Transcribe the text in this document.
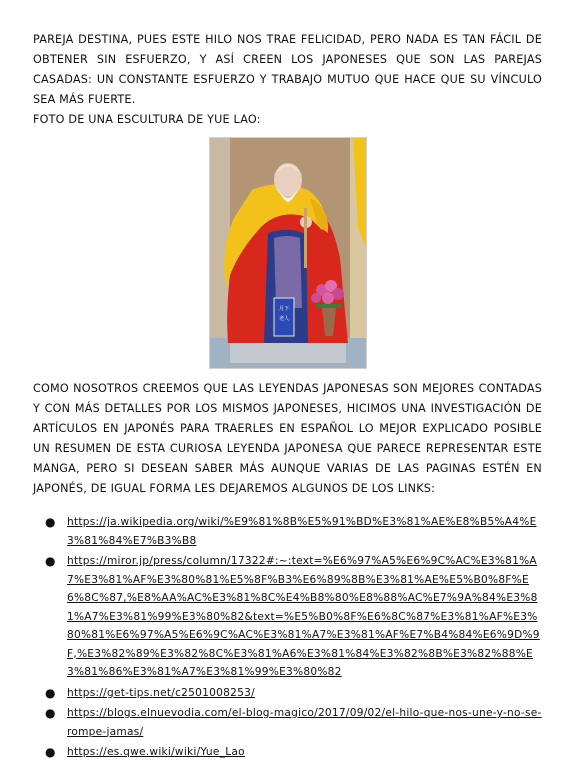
PAREJA DESTINA, PUES ESTE HILO NOS TRAE FELICIDAD, PERO NADA ES TAN FÁCIL DE OBTENER SIN ESFUERZO, Y ASÍ CREEN LOS JAPONESES QUE SON LAS PAREJAS CASADAS: UN CONSTANTE ESFUERZO Y TRABAJO MUTUO QUE HACE QUE SU VÍNCULO SEA MÁS FUERTE.

FOTO DE UNA ESCULTURA DE YUE LAO:

月下
老人

COMO NOSOTROS CREEMOS QUE LAS LEYENDAS JAPONESAS SON MEJORES CONTADAS Y CON MÁS DETALLES POR LOS MISMOS JAPONESES, HICIMOS UNA INVESTIGACIÓN DE ARTÍCULOS EN JAPONÉS PARA TRAERLES EN ESPAÑOL LO MEJOR EXPLICADO POSIBLE UN RESUMEN DE ESTA CURIOSA LEYENDA JAPONESA QUE PARECE REPRESENTAR ESTE MANGA, PERO SI DESEAN SABER MÁS AUNQUE VARIAS DE LAS PAGINAS ESTÉN EN JAPONÉS, DE IGUAL FORMA LES DEJAREMOS ALGUNOS DE LOS LINKS:

● https://ja.wikipedia.org/wiki/%E9%81%8B%E5%91%BD%E3%81%AE%E8%B5%A4%E3%81%84%E7%B3%B8
● https://miror.jp/press/column/17322#:~:text=%E6%97%A5%E6%9C%AC%E3%81%A7%E3%81%AF%E3%80%81%E5%8F%B3%E6%89%8B%E3%81%AE%E5%B0%8F%E6%8C%87,%E8%AA%AC%E3%81%8C%E4%B8%80%E8%88%AC%E7%9A%84%E3%81%A7%E3%81%99%E3%80%82&text=%E5%B0%8F%E6%8C%87%E3%81%AF%E3%80%81%E6%97%A5%E6%9C%AC%E3%81%A7%E3%81%AF%E7%B4%84%E6%9D%9F,%E3%82%89%E3%82%8C%E3%81%A6%E3%81%84%E3%82%8B%E3%82%88%E3%81%86%E3%81%A7%E3%81%99%E3%80%82
● https://get-tips.net/c2501008253/
● https://blogs.elnuevodia.com/el-blog-magico/2017/09/02/el-hilo-que-nos-une-y-no-se-rompe-jamas/
● https://es.qwe.wiki/wiki/Yue_Lao
